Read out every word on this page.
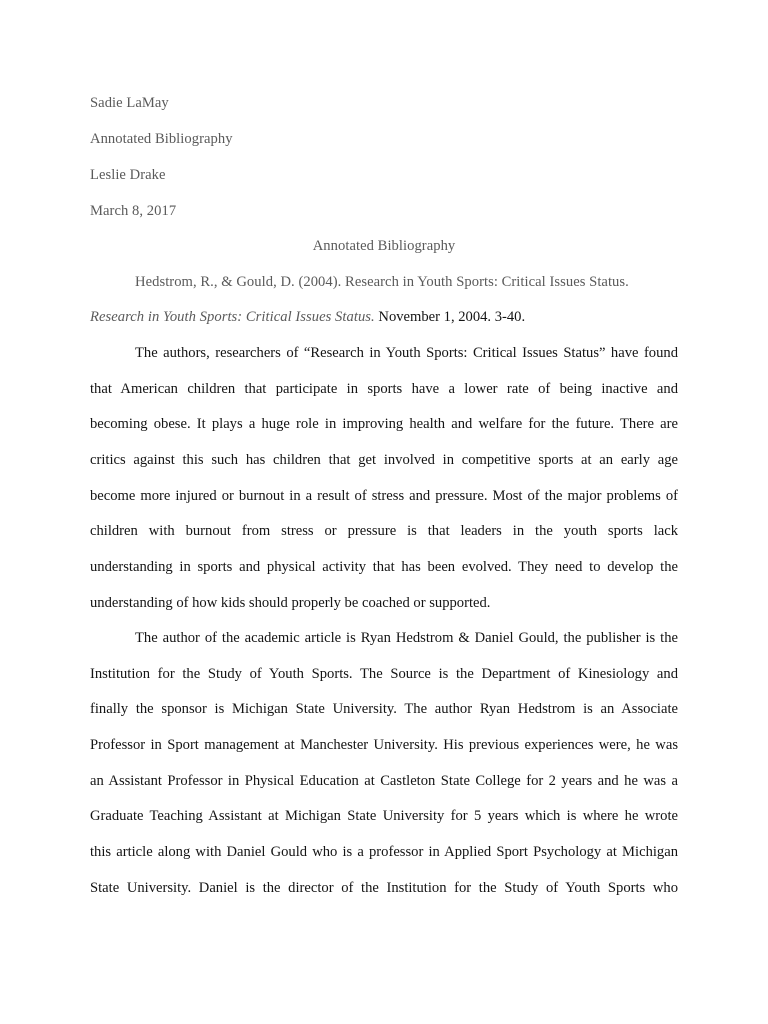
Sadie LaMay
Annotated Bibliography
Leslie Drake
March 8, 2017
Annotated Bibliography
Hedstrom, R., & Gould, D. (2004). Research in Youth Sports: Critical Issues Status.
Research in Youth Sports: Critical Issues Status. November 1, 2004. 3-40.
The authors, researchers of “Research in Youth Sports: Critical Issues Status” have found
that American children that participate in sports have a lower rate of being inactive and
becoming obese. It plays a huge role in improving health and welfare for the future. There are
critics against this such has children that get involved in competitive sports at an early age
become more injured or burnout in a result of stress and pressure. Most of the major problems of
children with burnout from stress or pressure is that leaders in the youth sports lack
understanding in sports and physical activity that has been evolved. They need to develop the
understanding of how kids should properly be coached or supported.
The author of the academic article is Ryan Hedstrom & Daniel Gould, the publisher is the
Institution for the Study of Youth Sports. The Source is the Department of Kinesiology and
finally the sponsor is Michigan State University. The author Ryan Hedstrom is an Associate
Professor in Sport management at Manchester University. His previous experiences were, he was
an Assistant Professor in Physical Education at Castleton State College for 2 years and he was a
Graduate Teaching Assistant at Michigan State University for 5 years which is where he wrote
this article along with Daniel Gould who is a professor in Applied Sport Psychology at Michigan
State University. Daniel is the director of the Institution for the Study of Youth Sports who
